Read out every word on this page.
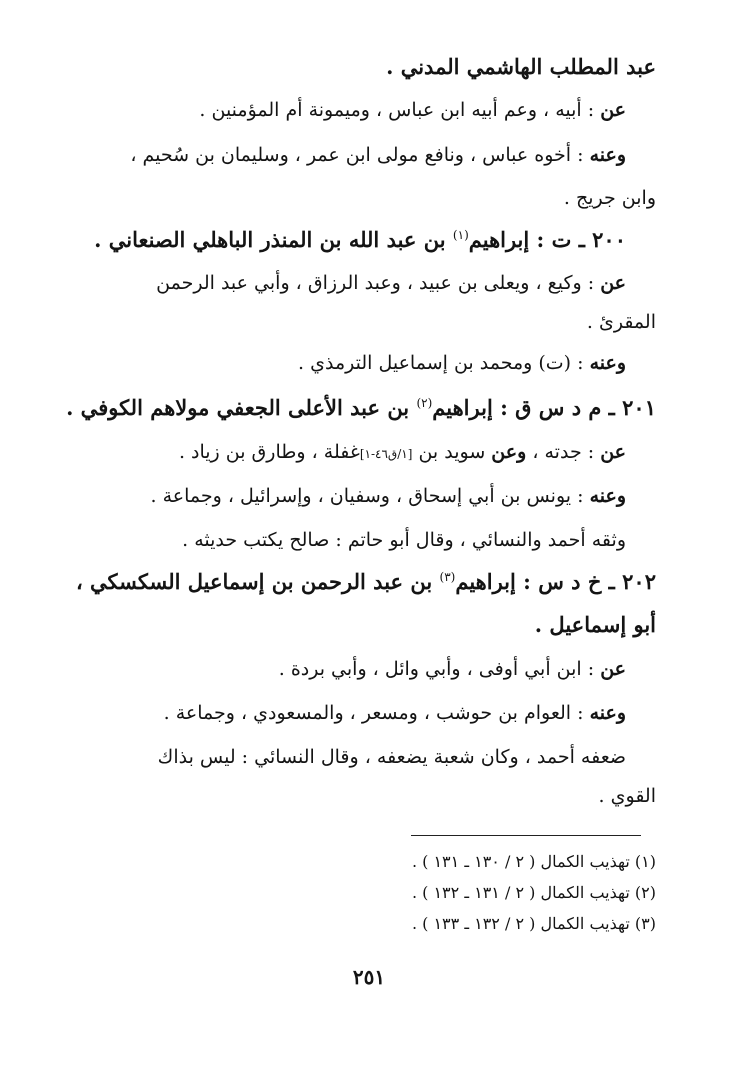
عبد المطلب الهاشمي المدني .
عن : أبيه ، وعم أبيه ابن عباس ، وميمونة أم المؤمنين .
وعنه : أخوه عباس ، ونافع مولى ابن عمر ، وسليمان بن سُحيم ،
وابن جريج .
٢٠٠ ـ ت : إبراهيم$^{(١)}$ بن عبد الله بن المنذر الباهلي الصنعاني .
عن : وكيع ، ويعلى بن عبيد ، وعبد الرزاق ، وأبي عبد الرحمن
المقرئ .
وعنه : (ت) ومحمد بن إسماعيل الترمذي .
٢٠١ ـ م د س ق : إبراهيم$^{(٢)}$ بن عبد الأعلى الجعفي مولاهم الكوفي .
عن : جدته ، وعن سويد بن [١/ق٤٦-١]غفلة ، وطارق بن زياد .
وعنه : يونس بن أبي إسحاق ، وسفيان ، وإسرائيل ، وجماعة .
وثقه أحمد والنسائي ، وقال أبو حاتم : صالح يكتب حديثه .
٢٠٢ ـ خ د س : إبراهيم$^{(٣)}$ بن عبد الرحمن بن إسماعيل السكسكي ،
أبو إسماعيل .
عن : ابن أبي أوفى ، وأبي وائل ، وأبي بردة .
وعنه : العوام بن حوشب ، ومسعر ، والمسعودي ، وجماعة .
ضعفه أحمد ، وكان شعبة يضعفه ، وقال النسائي : ليس بذاك
القوي .
(١) تهذيب الكمال ( ٢ / ١٣٠ ـ ١٣١ ) .
(٢) تهذيب الكمال ( ٢ / ١٣١ ـ ١٣٢ ) .
(٣) تهذيب الكمال ( ٢ / ١٣٢ ـ ١٣٣ ) .
٢٥١
